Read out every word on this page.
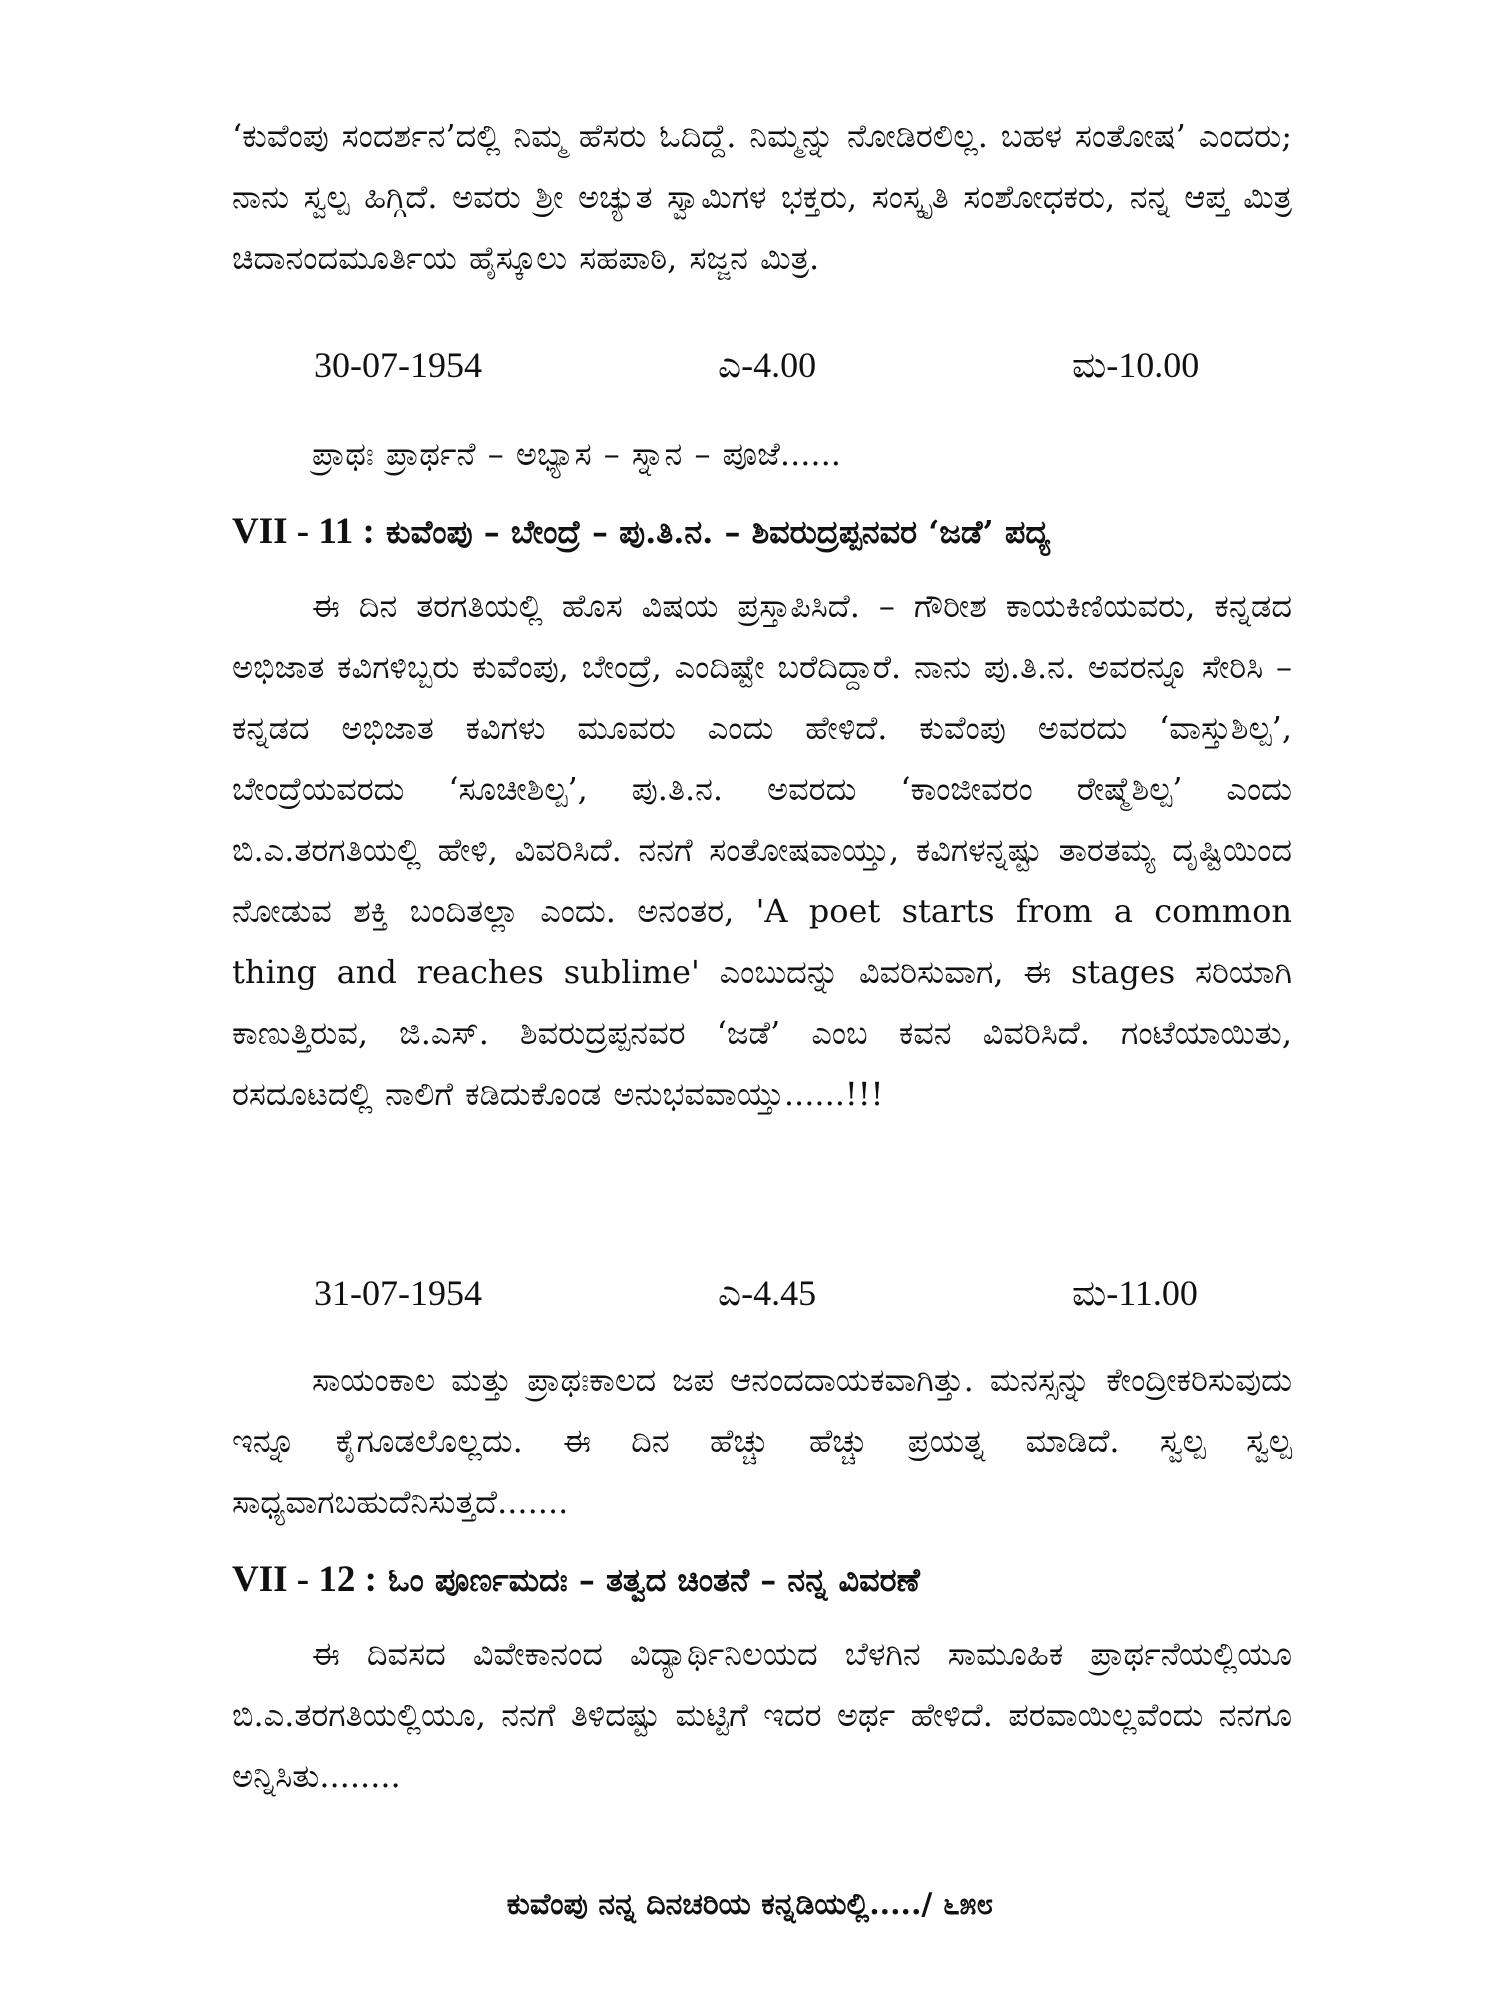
‘ಕುವೆಂಪು ಸಂದರ್ಶನ’ದಲ್ಲಿ ನಿಮ್ಮ ಹೆಸರು ಓದಿದ್ದೆ. ನಿಮ್ಮನ್ನು ನೋಡಿರಲಿಲ್ಲ. ಬಹಳ ಸಂತೋಷ’ ಎಂದರು; ನಾನು ಸ್ವಲ್ಪ ಹಿಗ್ಗಿದೆ. ಅವರು ಶ್ರೀ ಅಚ್ಯುತ ಸ್ವಾಮಿಗಳ ಭಕ್ತರು, ಸಂಸ್ಕೃತಿ ಸಂಶೋಧಕರು, ನನ್ನ ಆಪ್ತ ಮಿತ್ರ ಚಿದಾನಂದಮೂರ್ತಿಯ ಹೈಸ್ಕೂಲು ಸಹಪಾಠಿ, ಸಜ್ಜನ ಮಿತ್ರ.

30-07-1954	ಎ-4.00	ಮ-10.00

ಪ್ರಾಥಃ ಪ್ರಾರ್ಥನೆ – ಅಭ್ಯಾಸ – ಸ್ನಾನ – ಪೂಜೆ......

VII - 11 : ಕುವೆಂಪು – ಬೇಂದ್ರೆ – ಪು.ತಿ.ನ. – ಶಿವರುದ್ರಪ್ಪನವರ ‘ಜಡೆ’ ಪದ್ಯ

ಈ ದಿನ ತರಗತಿಯಲ್ಲಿ ಹೊಸ ವಿಷಯ ಪ್ರಸ್ತಾಪಿಸಿದೆ. – ಗೌರೀಶ ಕಾಯಕಿಣಿಯವರು, ಕನ್ನಡದ ಅಭಿಜಾತ ಕವಿಗಳಿಬ್ಬರು ಕುವೆಂಪು, ಬೇಂದ್ರೆ, ಎಂದಿಷ್ಟೇ ಬರೆದಿದ್ದಾರೆ. ನಾನು ಪು.ತಿ.ನ. ಅವರನ್ನೂ ಸೇರಿಸಿ – ಕನ್ನಡದ ಅಭಿಜಾತ ಕವಿಗಳು ಮೂವರು ಎಂದು ಹೇಳಿದೆ. ಕುವೆಂಪು ಅವರದು ‘ವಾಸ್ತುಶಿಲ್ಪ’, ಬೇಂದ್ರೆಯವರದು ‘ಸೂಚೀಶಿಲ್ಪ’, ಪು.ತಿ.ನ. ಅವರದು ‘ಕಾಂಜೀವರಂ ರೇಷ್ಮೆಶಿಲ್ಪ’ ಎಂದು ಬಿ.ಎ.ತರಗತಿಯಲ್ಲಿ ಹೇಳಿ, ವಿವರಿಸಿದೆ. ನನಗೆ ಸಂತೋಷವಾಯ್ತು, ಕವಿಗಳನ್ನಷ್ಟು ತಾರತಮ್ಯ ದೃಷ್ಟಿಯಿಂದ ನೋಡುವ ಶಕ್ತಿ ಬಂದಿತಲ್ಲಾ ಎಂದು. ಅನಂತರ, 'A poet starts from a common thing and reaches sublime' ಎಂಬುದನ್ನು ವಿವರಿಸುವಾಗ, ಈ stages ಸರಿಯಾಗಿ ಕಾಣುತ್ತಿರುವ, ಜಿ.ಎಸ್. ಶಿವರುದ್ರಪ್ಪನವರ ‘ಜಡೆ’ ಎಂಬ ಕವನ ವಿವರಿಸಿದೆ. ಗಂಟೆಯಾಯಿತು, ರಸದೂಟದಲ್ಲಿ ನಾಲಿಗೆ ಕಡಿದುಕೊಂಡ ಅನುಭವವಾಯ್ತು......!!!

31-07-1954	ಎ-4.45	ಮ-11.00

ಸಾಯಂಕಾಲ ಮತ್ತು ಪ್ರಾಥಃಕಾಲದ ಜಪ ಆನಂದದಾಯಕವಾಗಿತ್ತು. ಮನಸ್ಸನ್ನು ಕೇಂದ್ರೀಕರಿಸುವುದು ಇನ್ನೂ ಕೈಗೂಡಲೊಲ್ಲದು. ಈ ದಿನ ಹೆಚ್ಚು ಹೆಚ್ಚು ಪ್ರಯತ್ನ ಮಾಡಿದೆ. ಸ್ವಲ್ಪ ಸ್ವಲ್ಪ ಸಾಧ್ಯವಾಗಬಹುದೆನಿಸುತ್ತದೆ.......

VII - 12 : ಓಂ ಪೂರ್ಣಮದಃ – ತತ್ವದ ಚಿಂತನೆ – ನನ್ನ ವಿವರಣೆ

ಈ ದಿವಸದ ವಿವೇಕಾನಂದ ವಿದ್ಯಾರ್ಥಿನಿಲಯದ ಬೆಳಗಿನ ಸಾಮೂಹಿಕ ಪ್ರಾರ್ಥನೆಯಲ್ಲಿಯೂ ಬಿ.ಎ.ತರಗತಿಯಲ್ಲಿಯೂ, ನನಗೆ ತಿಳಿದಷ್ಟು ಮಟ್ಟಿಗೆ ಇದರ ಅರ್ಥ ಹೇಳಿದೆ. ಪರವಾಯಿಲ್ಲವೆಂದು ನನಗೂ ಅನ್ನಿಸಿತು........

ಕುವೆಂಪು ನನ್ನ ದಿನಚರಿಯ ಕನ್ನಡಿಯಲ್ಲಿ...../ ೬೫೮
